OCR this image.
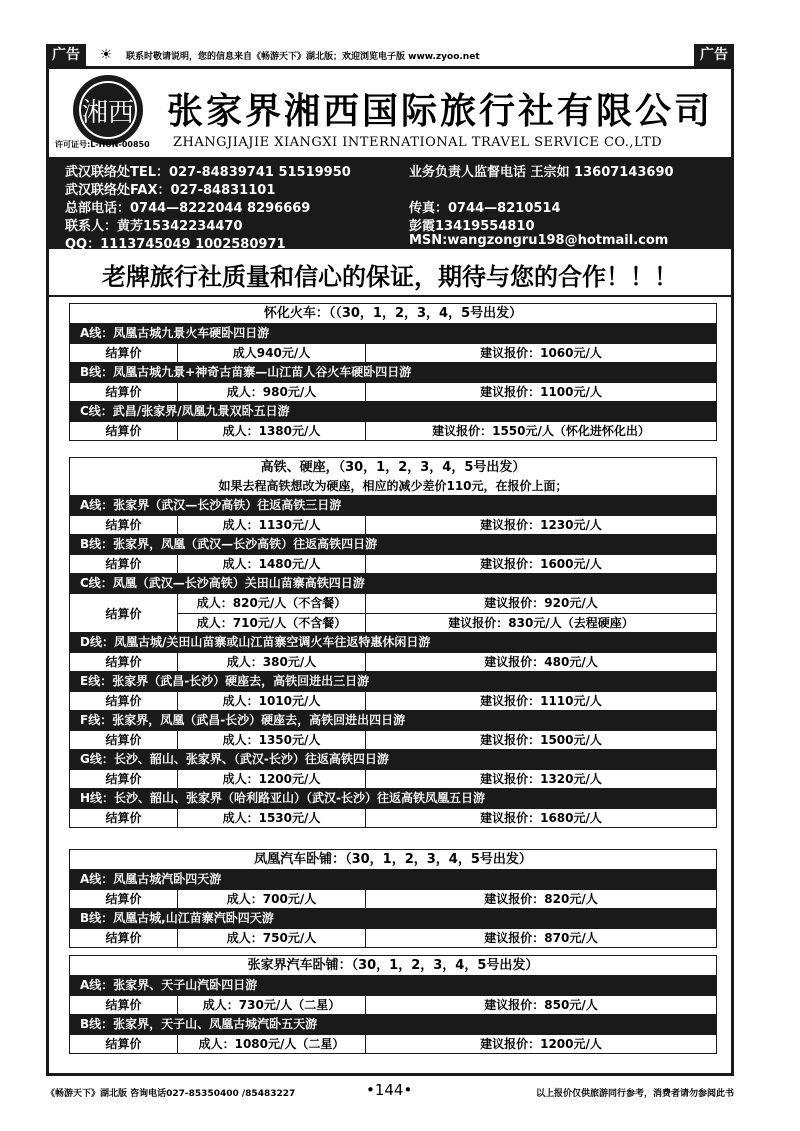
广告	☀	联系时敬请说明，您的信息来自《畅游天下》湖北版；欢迎浏览电子版 www.zyoo.net	广告
湘西 张家界湘西国际旅行社有限公司
许可证号:L-HUN-00850 ZHANGJIAJIE XIANGXI INTERNATIONAL TRAVEL SERVICE CO.,LTD
武汉联络处TEL：027-84839741 51519950	业务负责人监督电话 王宗如 13607143690
武汉联络处FAX：027-84831101
总部电话：0744—8222044 8296669	传真：0744—8210514
联系人：黄芳15342234470	彭霞13419554810
QQ：1113745049 1002580971	MSN:wangzongru198@hotmail.com
老牌旅行社质量和信心的保证，期待与您的合作！！！
怀化火车：（（30，1，2，3，4，5号出发）
A线：凤凰古城九景火车硬卧四日游
结算价	成人940元/人	建议报价：1060元/人
B线：凤凰古城九景+神奇古苗寨—山江苗人谷火车硬卧四日游
结算价	成人：980元/人	建议报价：1100元/人
C线：武昌/张家界/凤凰九景双卧五日游
结算价	成人：1380元/人	建议报价：1550元/人（怀化进怀化出）
高铁、硬座，（30，1，2，3，4，5号出发）
如果去程高铁想改为硬座，相应的减少差价110元，在报价上面；
A线：张家界（武汉—长沙高铁）往返高铁三日游
结算价	成人：1130元/人	建议报价：1230元/人
B线：张家界，凤凰（武汉—长沙高铁）往返高铁四日游
结算价	成人：1480元/人	建议报价：1600元/人
C线：凤凰（武汉—长沙高铁）关田山苗寨高铁四日游
结算价
成人：820元/人（不含餐）	建议报价：920元/人
成人：710元/人（不含餐）	建议报价：830元/人（去程硬座）
D线：凤凰古城/关田山苗寨或山江苗寨空调火车往返特惠休闲日游
结算价	成人：380元/人	建议报价：480元/人
E线：张家界（武昌-长沙）硬座去，高铁回进出三日游
结算价	成人：1010元/人	建议报价：1110元/人
F线：张家界，凤凰（武昌-长沙）硬座去，高铁回进出四日游
结算价	成人：1350元/人	建议报价：1500元/人
G线：长沙、韶山、张家界、（武汉-长沙）往返高铁四日游
结算价	成人：1200元/人	建议报价：1320元/人
H线：长沙、韶山、张家界（哈利路亚山）（武汉-长沙）往返高铁凤凰五日游
结算价	成人：1530元/人	建议报价：1680元/人
凤凰汽车卧铺：（30，1，2，3，4，5号出发）
A线：凤凰古城汽卧四天游
结算价	成人：700元/人	建议报价：820元/人
B线：凤凰古城,山江苗寨汽卧四天游
结算价	成人：750元/人	建议报价：870元/人
张家界汽车卧铺：（30，1，2，3，4，5号出发）
A线：张家界、天子山汽卧四日游
结算价	成人：730元/人（二星）	建议报价：850元/人
B线：张家界，天子山、凤凰古城汽卧五天游
结算价	成人：1080元/人（二星）	建议报价：1200元/人
《畅游天下》湖北版 咨询电话027-85350400 /85483227	•144•	以上报价仅供旅游同行参考，消费者请勿参阅此书
